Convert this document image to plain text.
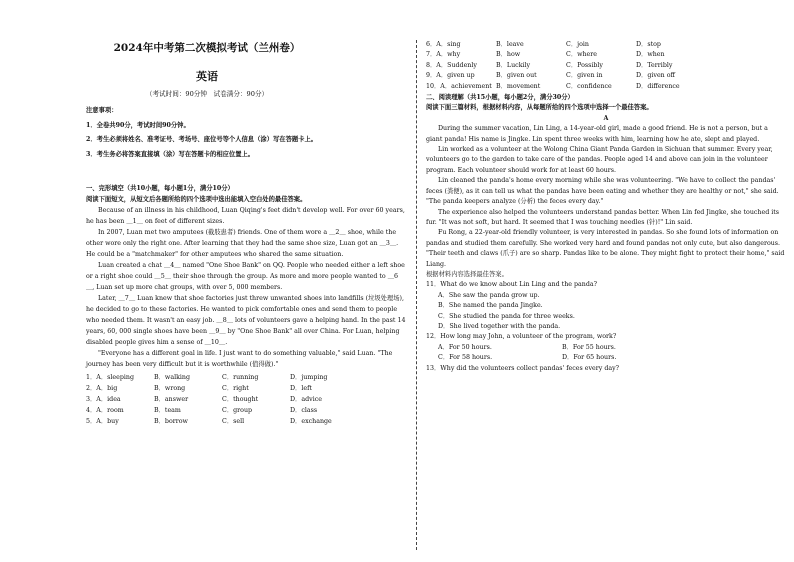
2024年中考第二次模拟考试（兰州卷）
英语
（考试时间：90分钟　试卷满分：90分）

注意事项：

1．全卷共90分，考试时间90分钟。

2．考生必须将姓名、准考证号、考场号、座位号等个人信息（涂）写在答题卡上。

3．考生务必将答案直接填（涂）写在答题卡的相应位置上。

一、完形填空（共10小题，每小题1分，满分10分）

阅读下面短文，从短文后各题所给的四个选项中选出能填入空白处的最佳答案。

Because of an illness in his childhood, Luan Qiqing's feet didn't develop well. For over 60 years, he has been ＿1＿ on feet of different sizes.

In 2007, Luan met two amputees (截肢患者) friends. One of them wore a ＿2＿ shoe, while the other wore only the right one. After learning that they had the same shoe size, Luan got an ＿3＿. He could be a "matchmaker" for other amputees who shared the same situation.

Luan created a chat ＿4＿ named "One Shoe Bank" on QQ. People who needed either a left shoe or a right shoe could ＿5＿ their shoe through the group. As more and more people wanted to ＿6＿, Luan set up more chat groups, with over 5, 000 members.

Later, ＿7＿ Luan knew that shoe factories just threw unwanted shoes into landfills (垃圾处理场), he decided to go to these factories. He wanted to pick comfortable ones and send them to people who needed them. It wasn't an easy job. ＿8＿ lots of volunteers gave a helping hand. In the past 14 years, 60, 000 single shoes have been ＿9＿ by "One Shoe Bank" all over China. For Luan, helping disabled people gives him a sense of ＿10＿.

"Everyone has a different goal in life. I just want to do something valuable," said Luan. "The journey has been very difficult but it is worthwhile (值得做)."

1．A．sleeping	B．walking	C．running	D．jumping
2．A．big	B．wrong	C．right	D．left
3．A．idea	B．answer	C．thought	D．advice
4．A．room	B．team	C．group	D．class
5．A．buy	B．borrow	C．sell	D．exchange
6．A．sing	B．leave	C．join	D．stop
7．A．why	B．how	C．where	D．when
8．A．Suddenly	B．Luckily	C．Possibly	D．Terribly
9．A．given up	B．given out	C．given in	D．given off
10．A．achievement B．movement	C．confidence	D．difference

二、阅读理解（共15小题，每小题2分，满分30分）

阅读下面三篇材料，根据材料内容，从每题所给的四个选项中选择一个最佳答案。

A

During the summer vacation, Lin Ling, a 14-year-old girl, made a good friend. He is not a person, but a giant panda! His name is Jingke. Lin spent three weeks with him, learning how he ate, slept and played.

Lin worked as a volunteer at the Wolong China Giant Panda Garden in Sichuan that summer. Every year, volunteers go to the garden to take care of the pandas. People aged 14 and above can join in the volunteer program. Each volunteer should work for at least 60 hours.

Lin cleaned the panda's home every morning while she was volunteering. "We have to collect the pandas' feces (粪便), as it can tell us what the pandas have been eating and whether they are healthy or not," she said. "The panda keepers analyze (分析) the feces every day."

The experience also helped the volunteers understand pandas better. When Lin fed Jingke, she touched its fur. "It was not soft, but hard. It seemed that I was touching needles (针)!" Lin said.

Fu Rong, a 22-year-old friendly volunteer, is very interested in pandas. So she found lots of information on pandas and studied them carefully. She worked very hard and found pandas not only cute, but also dangerous. "Their teeth and claws (爪子) are so sharp. Pandas like to be alone. They might fight to protect their home," said Liang.

根据材料内容选择最佳答案。

11．What do we know about Lin Ling and the panda?

A．She saw the panda grow up.

B．She named the panda Jingke.

C．She studied the panda for three weeks.

D．She lived together with the panda.

12．How long may John, a volunteer of the program, work?

A．For 50 hours.	B．For 55 hours.
C．For 58 hours.	D．For 65 hours.

13．Why did the volunteers collect pandas' feces every day?
